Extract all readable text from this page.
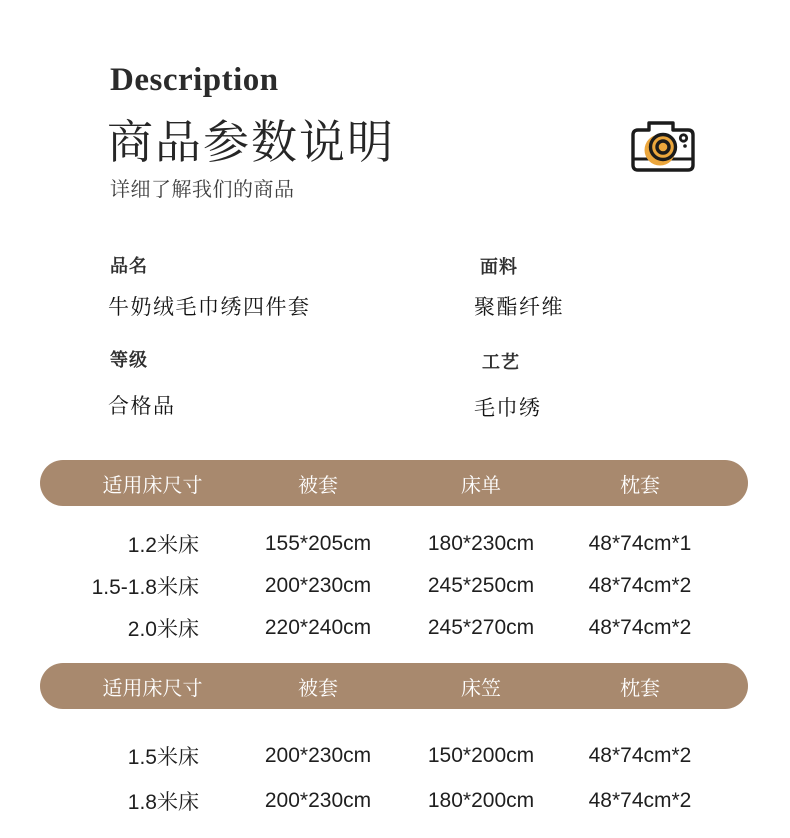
Description
商品参数说明
详细了解我们的商品
品名
牛奶绒毛巾绣四件套
面料
聚酯纤维
等级
合格品
工艺
毛巾绣
适用床尺寸	被套	床单	枕套
1.2米床	155*205cm	180*230cm	48*74cm*1
1.5-1.8米床	200*230cm	245*250cm	48*74cm*2
2.0米床	220*240cm	245*270cm	48*74cm*2
适用床尺寸	被套	床笠	枕套
1.5米床	200*230cm	150*200cm	48*74cm*2
1.8米床	200*230cm	180*200cm	48*74cm*2
